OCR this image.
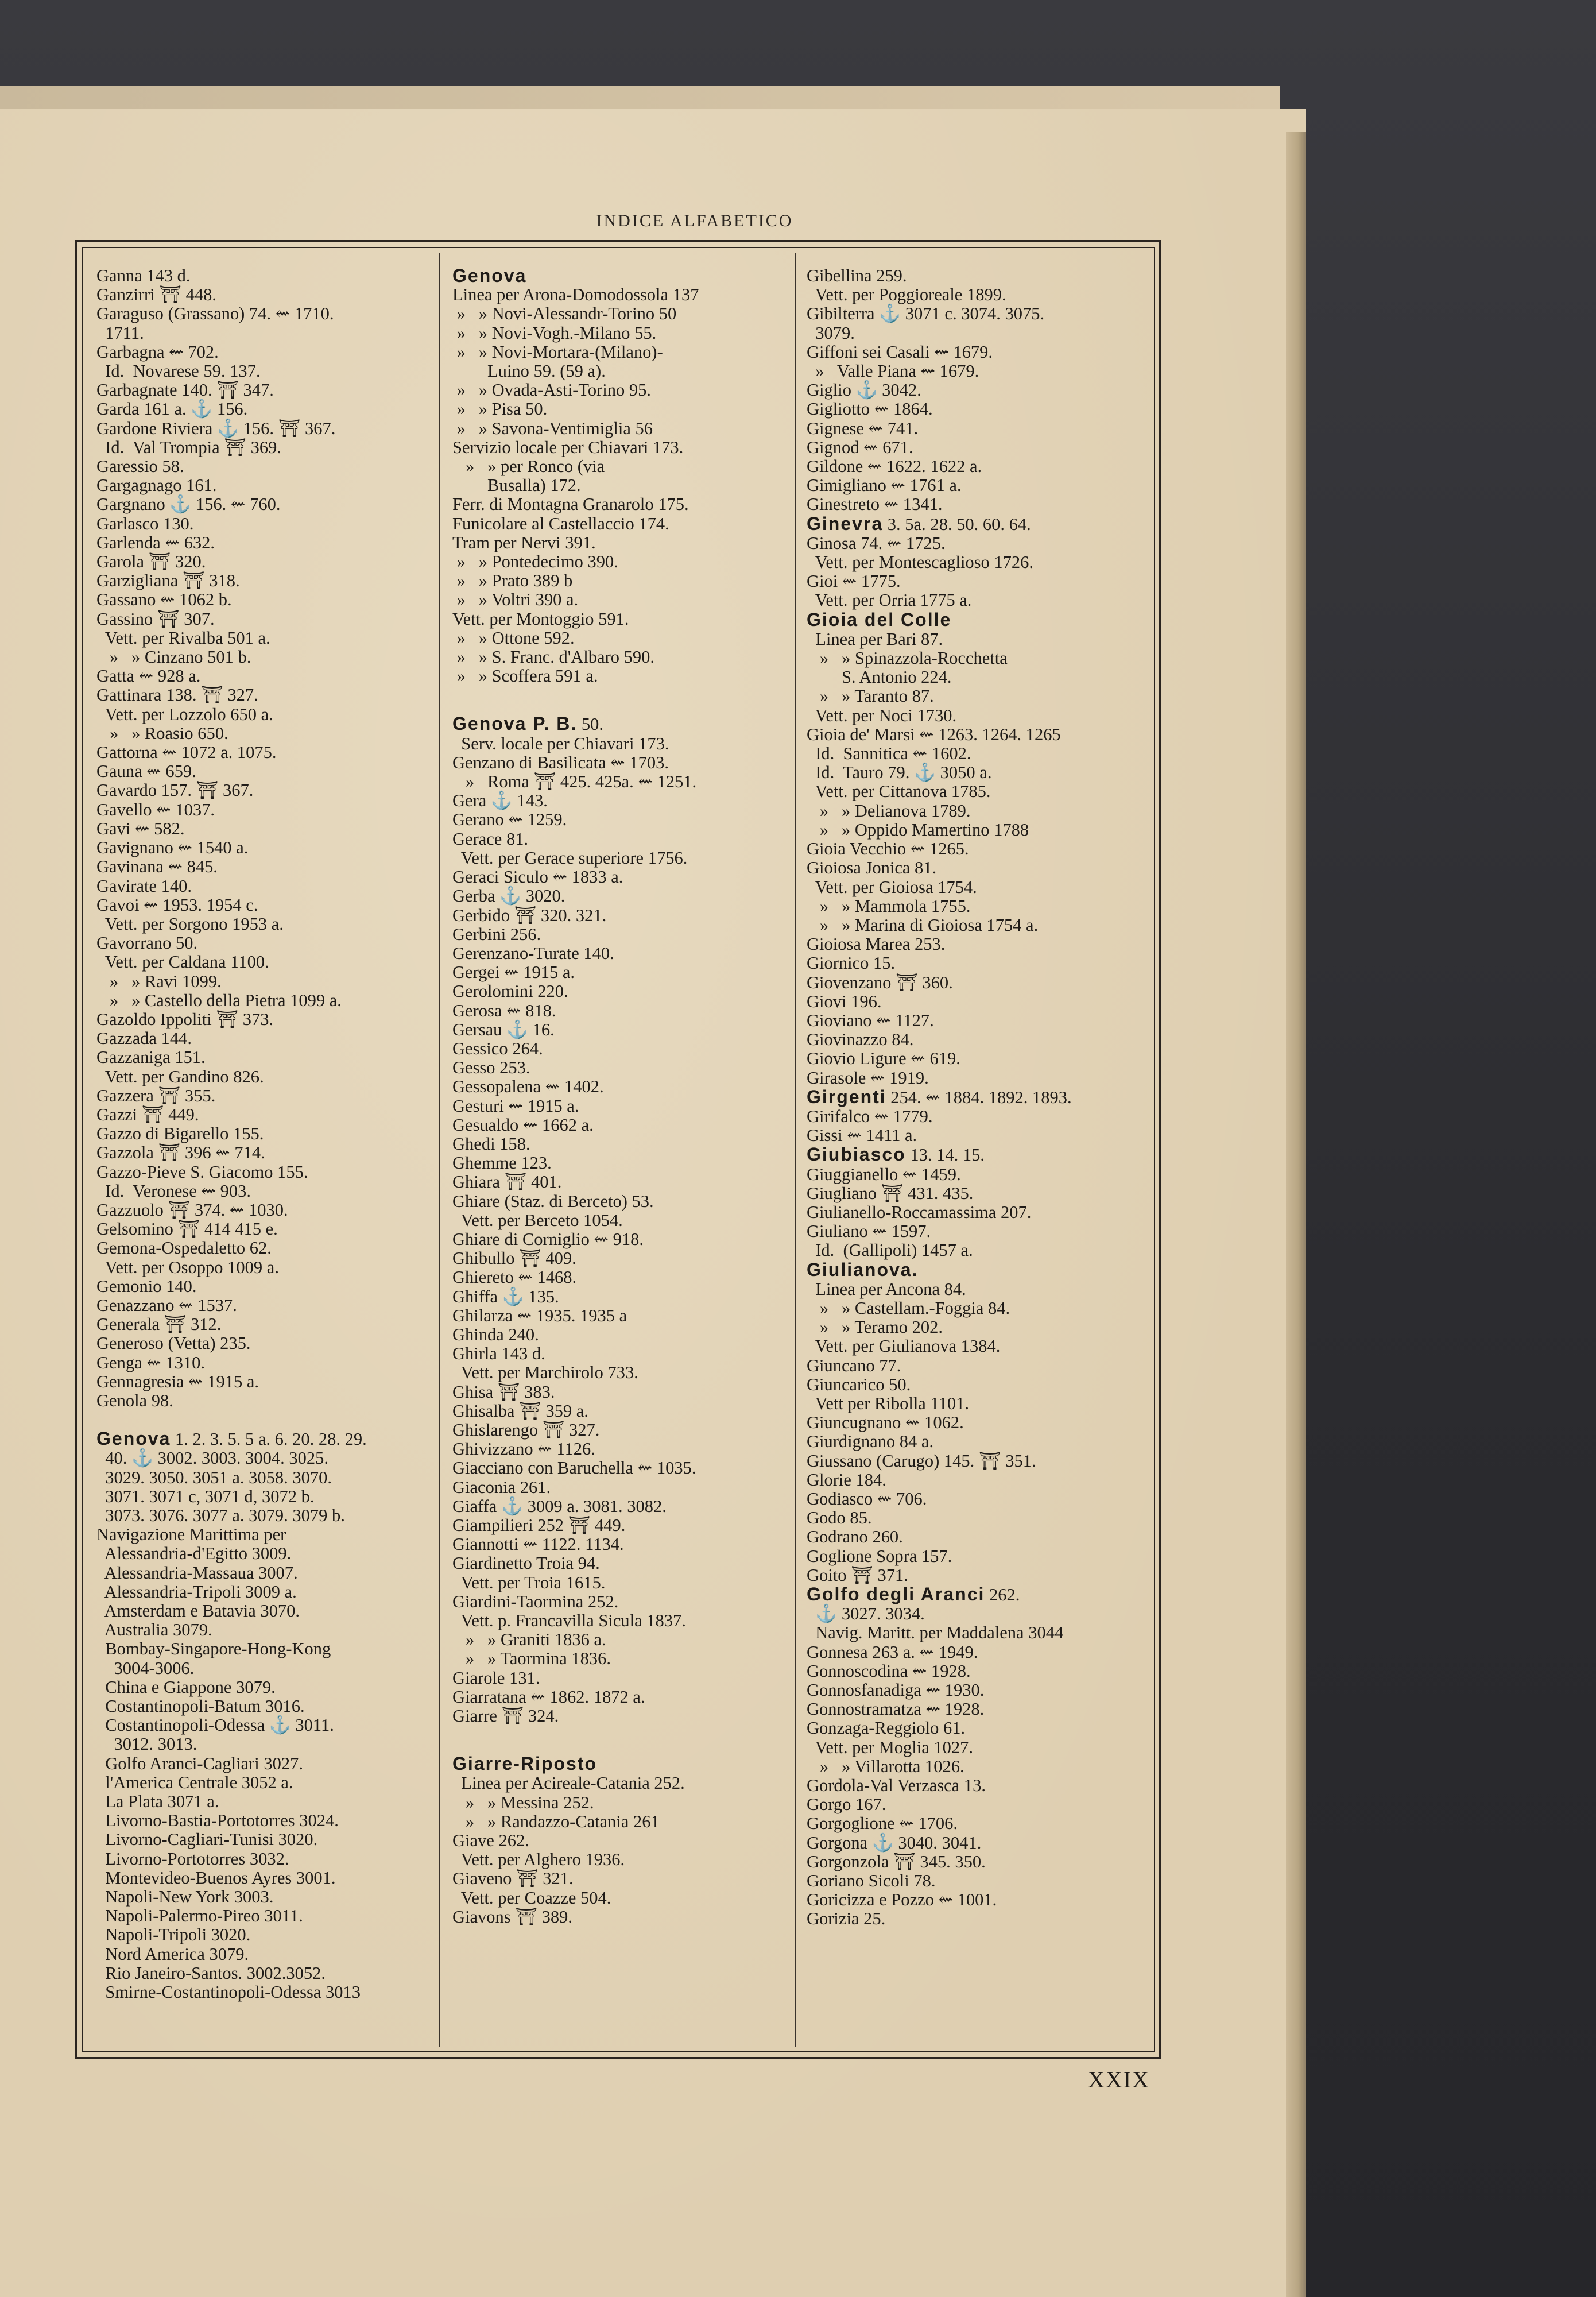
INDICE ALFABETICO
Ganna 143 d.
Ganzirri ⛩ 448.
Garaguso (Grassano) 74. ⇜ 1710.
1711.
Garbagna ⇜ 702.
Id.  Novarese 59. 137.
Garbagnate 140. ⛩ 347.
Garda 161 a. ⚓ 156.
Gardone Riviera ⚓ 156. ⛩ 367.
Id.  Val Trompia ⛩ 369.
Garessio 58.
Gargagnago 161.
Gargnano ⚓ 156. ⇜ 760.
Garlasco 130.
Garlenda ⇜ 632.
Garola ⛩ 320.
Garzigliana ⛩ 318.
Gassano ⇜ 1062 b.
Gassino ⛩ 307.
Vett. per Rivalba 501 a.
»   » Cinzano 501 b.
Gatta ⇜ 928 a.
Gattinara 138. ⛩ 327.
Vett. per Lozzolo 650 a.
»   » Roasio 650.
Gattorna ⇜ 1072 a. 1075.
Gauna ⇜ 659.
Gavardo 157. ⛩ 367.
Gavello ⇜ 1037.
Gavi ⇜ 582.
Gavignano ⇜ 1540 a.
Gavinana ⇜ 845.
Gavirate 140.
Gavoi ⇜ 1953. 1954 c.
Vett. per Sorgono 1953 a.
Gavorrano 50.
Vett. per Caldana 1100.
»   » Ravi 1099.
»   » Castello della Pietra 1099 a.
Gazoldo Ippoliti ⛩ 373.
Gazzada 144.
Gazzaniga 151.
Vett. per Gandino 826.
Gazzera ⛩ 355.
Gazzi ⛩ 449.
Gazzo di Bigarello 155.
Gazzola ⛩ 396 ⇜ 714.
Gazzo-Pieve S. Giacomo 155.
Id.  Veronese ⇜ 903.
Gazzuolo ⛩ 374. ⇜ 1030.
Gelsomino ⛩ 414 415 e.
Gemona-Ospedaletto 62.
Vett. per Osoppo 1009 a.
Gemonio 140.
Genazzano ⇜ 1537.
Generala ⛩ 312.
Generoso (Vetta) 235.
Genga ⇜ 1310.
Gennagresia ⇜ 1915 a.
Genola 98.
Genova 1. 2. 3. 5. 5 a. 6. 20. 28. 29.
40. ⚓ 3002. 3003. 3004. 3025.
3029. 3050. 3051 a. 3058. 3070.
3071. 3071 c, 3071 d, 3072 b.
3073. 3076. 3077 a. 3079. 3079 b.
Navigazione Marittima per
Alessandria-d'Egitto 3009.
Alessandria-Massaua 3007.
Alessandria-Tripoli 3009 a.
Amsterdam e Batavia 3070.
Australia 3079.
Bombay-Singapore-Hong-Kong
3004-3006.
China e Giappone 3079.
Costantinopoli-Batum 3016.
Costantinopoli-Odessa ⚓ 3011.
3012. 3013.
Golfo Aranci-Cagliari 3027.
l'America Centrale 3052 a.
La Plata 3071 a.
Livorno-Bastia-Portotorres 3024.
Livorno-Cagliari-Tunisi 3020.
Livorno-Portotorres 3032.
Montevideo-Buenos Ayres 3001.
Napoli-New York 3003.
Napoli-Palermo-Pireo 3011.
Napoli-Tripoli 3020.
Nord America 3079.
Rio Janeiro-Santos. 3002.3052.
Smirne-Costantinopoli-Odessa 3013
Genova
Linea per Arona-Domodossola 137
»   » Novi-Alessandr-Torino 50
»   » Novi-Vogh.-Milano 55.
»   » Novi-Mortara-(Milano)-
Luino 59. (59 a).
»   » Ovada-Asti-Torino 95.
»   » Pisa 50.
»   » Savona-Ventimiglia 56
Servizio locale per Chiavari 173.
»   » per Ronco (via
Busalla) 172.
Ferr. di Montagna Granarolo 175.
Funicolare al Castellaccio 174.
Tram per Nervi 391.
»   » Pontedecimo 390.
»   » Prato 389 b
»   » Voltri 390 a.
Vett. per Montoggio 591.
»   » Ottone 592.
»   » S. Franc. d'Albaro 590.
»   » Scoffera 591 a.
Genova P. B. 50.
Serv. locale per Chiavari 173.
Genzano di Basilicata ⇜ 1703.
»   Roma ⛩ 425. 425a. ⇜ 1251.
Gera ⚓ 143.
Gerano ⇜ 1259.
Gerace 81.
Vett. per Gerace superiore 1756.
Geraci Siculo ⇜ 1833 a.
Gerba ⚓ 3020.
Gerbido ⛩ 320. 321.
Gerbini 256.
Gerenzano-Turate 140.
Gergei ⇜ 1915 a.
Gerolomini 220.
Gerosa ⇜ 818.
Gersau ⚓ 16.
Gessico 264.
Gesso 253.
Gessopalena ⇜ 1402.
Gesturi ⇜ 1915 a.
Gesualdo ⇜ 1662 a.
Ghedi 158.
Ghemme 123.
Ghiara ⛩ 401.
Ghiare (Staz. di Berceto) 53.
Vett. per Berceto 1054.
Ghiare di Corniglio ⇜ 918.
Ghibullo ⛩ 409.
Ghiereto ⇜ 1468.
Ghiffa ⚓ 135.
Ghilarza ⇜ 1935. 1935 a
Ghinda 240.
Ghirla 143 d.
Vett. per Marchirolo 733.
Ghisa ⛩ 383.
Ghisalba ⛩ 359 a.
Ghislarengo ⛩ 327.
Ghivizzano ⇜ 1126.
Giacciano con Baruchella ⇜ 1035.
Giaconia 261.
Giaffa ⚓ 3009 a. 3081. 3082.
Giampilieri 252 ⛩ 449.
Giannotti ⇜ 1122. 1134.
Giardinetto Troia 94.
Vett. per Troia 1615.
Giardini-Taormina 252.
Vett. p. Francavilla Sicula 1837.
»   » Graniti 1836 a.
»   » Taormina 1836.
Giarole 131.
Giarratana ⇜ 1862. 1872 a.
Giarre ⛩ 324.
Giarre-Riposto
Linea per Acireale-Catania 252.
»   » Messina 252.
»   » Randazzo-Catania 261
Giave 262.
Vett. per Alghero 1936.
Giaveno ⛩ 321.
Vett. per Coazze 504.
Giavons ⛩ 389.
Gibellina 259.
Vett. per Poggioreale 1899.
Gibilterra ⚓ 3071 c. 3074. 3075.
3079.
Giffoni sei Casali ⇜ 1679.
»   Valle Piana ⇜ 1679.
Giglio ⚓ 3042.
Gigliotto ⇜ 1864.
Gignese ⇜ 741.
Gignod ⇜ 671.
Gildone ⇜ 1622. 1622 a.
Gimigliano ⇜ 1761 a.
Ginestreto ⇜ 1341.
Ginevra 3. 5a. 28. 50. 60. 64.
Ginosa 74. ⇜ 1725.
Vett. per Montescaglioso 1726.
Gioi ⇜ 1775.
Vett. per Orria 1775 a.
Gioia del Colle
Linea per Bari 87.
»   » Spinazzola-Rocchetta
S. Antonio 224.
»   » Taranto 87.
Vett. per Noci 1730.
Gioia de' Marsi ⇜ 1263. 1264. 1265
Id.  Sannitica ⇜ 1602.
Id.  Tauro 79. ⚓ 3050 a.
Vett. per Cittanova 1785.
»   » Delianova 1789.
»   » Oppido Mamertino 1788
Gioia Vecchio ⇜ 1265.
Gioiosa Jonica 81.
Vett. per Gioiosa 1754.
»   » Mammola 1755.
»   » Marina di Gioiosa 1754 a.
Gioiosa Marea 253.
Giornico 15.
Giovenzano ⛩ 360.
Giovi 196.
Gioviano ⇜ 1127.
Giovinazzo 84.
Giovio Ligure ⇜ 619.
Girasole ⇜ 1919.
Girgenti 254. ⇜ 1884. 1892. 1893.
Girifalco ⇜ 1779.
Gissi ⇜ 1411 a.
Giubiasco 13. 14. 15.
Giuggianello ⇜ 1459.
Giugliano ⛩ 431. 435.
Giulianello-Roccamassima 207.
Giuliano ⇜ 1597.
Id.  (Gallipoli) 1457 a.
Giulianova.
Linea per Ancona 84.
»   » Castellam.-Foggia 84.
»   » Teramo 202.
Vett. per Giulianova 1384.
Giuncano 77.
Giuncarico 50.
Vett per Ribolla 1101.
Giuncugnano ⇜ 1062.
Giurdignano 84 a.
Giussano (Carugo) 145. ⛩ 351.
Glorie 184.
Godiasco ⇜ 706.
Godo 85.
Godrano 260.
Goglione Sopra 157.
Goito ⛩ 371.
Golfo degli Aranci 262.
⚓ 3027. 3034.
Navig. Maritt. per Maddalena 3044
Gonnesa 263 a. ⇜ 1949.
Gonnoscodina ⇜ 1928.
Gonnosfanadiga ⇜ 1930.
Gonnostramatza ⇜ 1928.
Gonzaga-Reggiolo 61.
Vett. per Moglia 1027.
»   » Villarotta 1026.
Gordola-Val Verzasca 13.
Gorgo 167.
Gorgoglione ⇜ 1706.
Gorgona ⚓ 3040. 3041.
Gorgonzola ⛩ 345. 350.
Goriano Sicoli 78.
Goricizza e Pozzo ⇜ 1001.
Gorizia 25.
XXIX
